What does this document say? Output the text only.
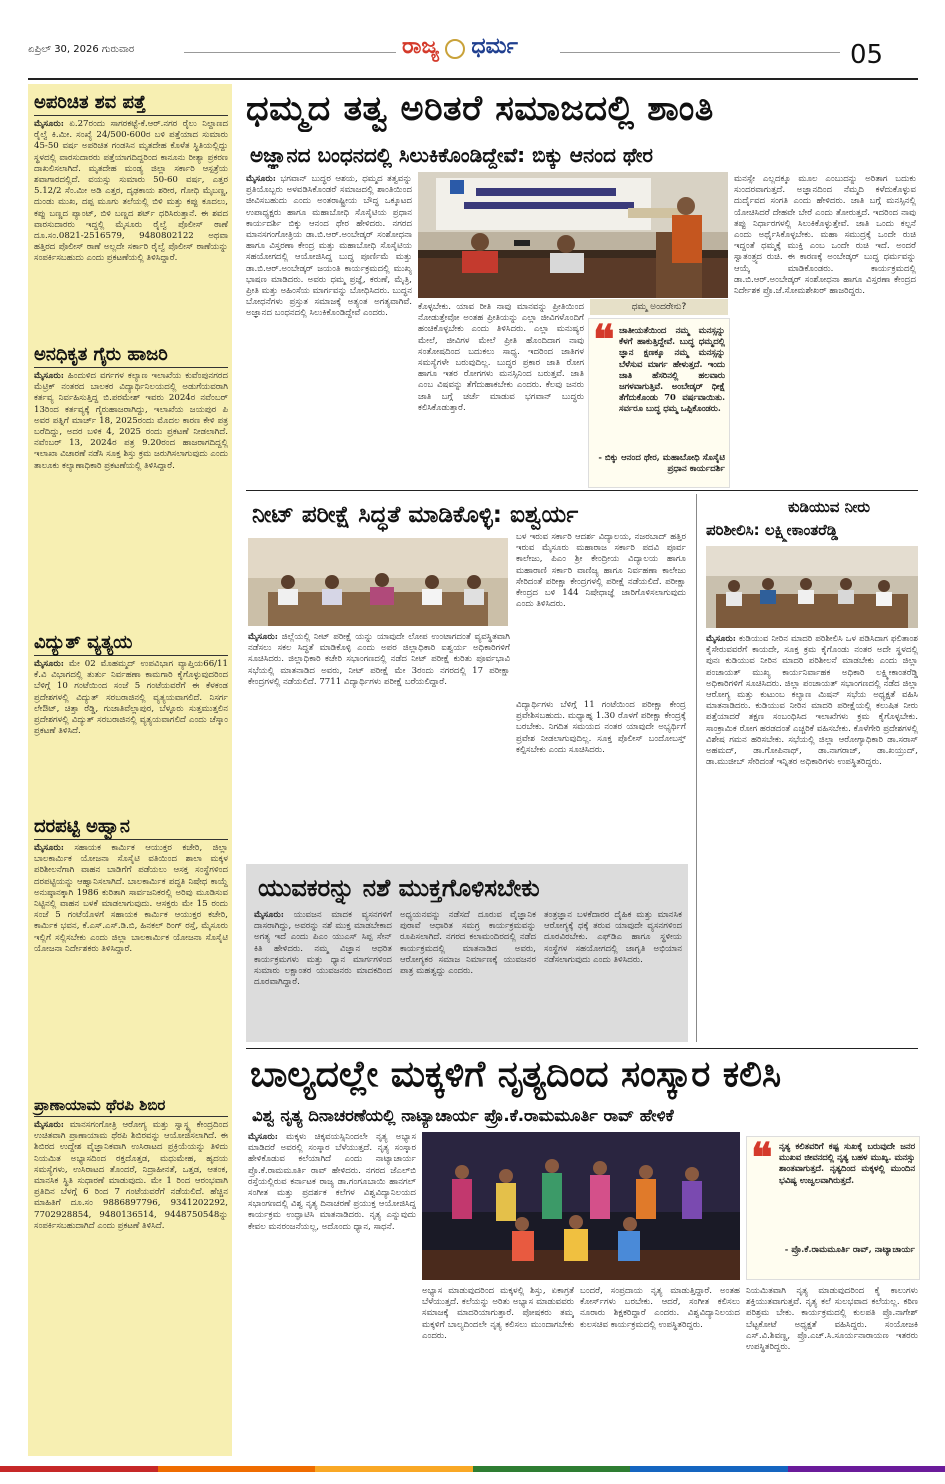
ಏಪ್ರಿಲ್ 30, 2026 ಗುರುವಾರ	ರಾಜ್ಯ ಧರ್ಮ	05
ಅಪರಿಚಿತ ಶವ ಪತ್ತೆ
ಮೈಸೂರು: ಏ.27ರಂದು ಸಾಗರಕಟ್ಟೆ-ಕೆ.ಆರ್.ನಗರ ರೈಲು ನಿಲ್ದಾಣದ ರೈಲ್ವೆ ಕಿ.ಮೀ. ಸಂಖ್ಯೆ 24/500-600ರ ಬಳಿ ಪತ್ತೆಯಾದ ಸುಮಾರು 45-50 ವರ್ಷ ಅಪರಿಚಿತ ಗಂಡಸಿನ ಮೃತದೇಹ ಕೊಳೆತ ಸ್ಥಿತಿಯಲ್ಲಿದ್ದು ಸ್ಥಳದಲ್ಲಿ ವಾರಸುದಾರರು ಪತ್ತೆಯಾಗದಿದ್ದರಿಂದ ಕಾನೂನು ರೀತ್ಯಾ ಪ್ರಕರಣ ದಾಖಲಿಸಲಾಗಿದೆ. ಮೃತದೇಹ ಮಂಡ್ಯ ಜಿಲ್ಲಾ ಸರ್ಕಾರಿ ಆಸ್ಪತ್ರೆಯ ಶವಾಗಾರದಲ್ಲಿದೆ. ವಯಸ್ಸು ಸುಮಾರು 50-60 ವರ್ಷ, ಎತ್ತರ 5.12/2 ಸೆಂ.ಮೀ ಅಡಿ ಎತ್ತರ, ದೃಢಕಾಯ ಶರೀರ, ಗೋಧಿ ಮೈಬಣ್ಣ, ದುಂಡು ಮುಖ, ದಪ್ಪ ಮೂಗು ತಲೆಯಲ್ಲಿ ಬಿಳಿ ಮತ್ತು ಕಪ್ಪು ಕೂದಲು, ಕಪ್ಪು ಬಣ್ಣದ ಪ್ಯಾಂಟ್, ಬಿಳಿ ಬಣ್ಣದ ಶರ್ಟ್ ಧರಿಸಿರುತ್ತಾನೆ. ಈ ಶವದ ವಾರಸುದಾರರು ಇದ್ದಲ್ಲಿ ಮೈಸೂರು ರೈಲ್ವೆ ಪೊಲೀಸ್ ಠಾಣೆ ದೂ.ಸಂ.0821-2516579, 9480802122 ಅಥವಾ ಹತ್ತಿರದ ಪೊಲೀಸ್ ಠಾಣೆ ಅಲ್ಲದೇ ಸರ್ಕಾರಿ ರೈಲ್ವೆ ಪೊಲೀಸ್ ಠಾಣೆಯನ್ನು ಸಂಪರ್ಕಿಸಬಹುದು ಎಂದು ಪ್ರಕಟಣೆಯಲ್ಲಿ ತಿಳಿಸಿದ್ದಾರೆ.
ಅನಧಿಕೃತ ಗೈರು ಹಾಜರಿ
ಮೈಸೂರು: ಹಿಂದುಳಿದ ವರ್ಗಗಳ ಕಲ್ಯಾಣ ಇಲಾಖೆಯ ಕುವೆಂಪುನಗರದ ಮೆಟ್ರಿಕ್ ನಂತರದ ಬಾಲಕರ ವಿದ್ಯಾರ್ಥಿನಿಲಯದಲ್ಲಿ ಅಡುಗೆಯವರಾಗಿ ಕರ್ತವ್ಯ ನಿರ್ವಹಿಸುತ್ತಿದ್ದ ಬಿ.ಪರಮೇಶ್ ಇವರು 2024ರ ನವೆಂಬರ್ 13ರಿಂದ ಕರ್ತವ್ಯಕ್ಕೆ ಗೈರುಹಾಜರಾಗಿದ್ದು, ಇಲಾಖೆಯ ಜಯಪುರ ಪಿ ಅವರ ಪತ್ನಿಗೆ ಮಾರ್ಚ್ 18, 2025ರಂದು ಮೊದಲ ಕಾರಣ ಕೇಳಿ ಪತ್ರ ಬರೆದಿದ್ದು, ಅದರ ಬಳಿಕ 4, 2025 ರಂದು ಪ್ರಕಟಣೆ ನೀಡಲಾಗಿದೆ. ನವೆಂಬರ್ 13, 2024ರ ಪತ್ರ 9.20ರಂದ ಹಾಜರಾಗದಿದ್ದಲ್ಲಿ ಇಲಾಖಾ ವಿಚಾರಣೆ ನಡೆಸಿ ಸೂಕ್ತ ಶಿಸ್ತು ಕ್ರಮ ಜರುಗಿಸಲಾಗುವುದು ಎಂದು ತಾಲೂಕು ಕಲ್ಯಾಣಾಧಿಕಾರಿ ಪ್ರಕಟಣೆಯಲ್ಲಿ ತಿಳಿಸಿದ್ದಾರೆ.
ವಿದ್ಯುತ್ ವ್ಯತ್ಯಯ
ಮೈಸೂರು: ಮೇ 02 ಮೊಹಮ್ಮದ್ ಉಪವಿಭಾಗ ವ್ಯಾಪ್ತಿಯ66/11 ಕೆ.ವಿ ವಿಭಾಗದಲ್ಲಿ ತುರ್ತು ನಿರ್ವಹಣಾ ಕಾಮಗಾರಿ ಕೈಗೊಳ್ಳುವುದರಿಂದ ಬೆಳಿಗ್ಗೆ 10 ಗಂಟೆಯಿಂದ ಸಂಜೆ 5 ಗಂಟೆಯವರೆಗೆ ಈ ಕೆಳಕಂಡ ಪ್ರದೇಶಗಳಲ್ಲಿ ವಿದ್ಯುತ್ ಸರಬರಾಜಿನಲ್ಲಿ ವ್ಯತ್ಯಯವಾಗಲಿದೆ. ನಿಸರ್ಗ ಲೇಔಟ್, ಚಿತ್ತಾ ರೆಡ್ಡಿ, ಗುಜಾತಿವೆಲ್ಲಾಪುರ, ಬೆಳ್ಳೂರು ಸುತ್ತಮುತ್ತಲಿನ ಪ್ರದೇಶಗಳಲ್ಲಿ ವಿದ್ಯುತ್ ಸರಬರಾಜಿನಲ್ಲಿ ವ್ಯತ್ಯಯವಾಗಲಿದೆ ಎಂದು ಚೆಸ್ಕಾಂ ಪ್ರಕಟಣೆ ತಿಳಿಸಿದೆ.
ದರಪಟ್ಟಿ ಅಹ್ವಾನ
ಮೈಸೂರು: ಸಹಾಯಕ ಕಾರ್ಮಿಕ ಆಯುಕ್ತರ ಕಚೇರಿ, ಜಿಲ್ಲಾ ಬಾಲಕಾರ್ಮಿಕ ಯೋಜನಾ ಸೊಸೈಟಿ ವತಿಯಿಂದ ಶಾಲಾ ಮಕ್ಕಳ ಪರಿಶೀಲನೆಗಾಗಿ ವಾಹನ ಬಾಡಿಗೆಗೆ ಪಡೆಯಲು ಆಸಕ್ತ ಸಂಸ್ಥೆಗಳಿಂದ ದರಪಟ್ಟಿಯನ್ನು ಆಹ್ವಾನಿಸಲಾಗಿದೆ. ಬಾಲಕಾರ್ಮಿಕ ಪದ್ಧತಿ ನಿಷೇಧ ಕಾಯ್ದೆ ಅನುಷ್ಠಾನಕ್ಕಾಗಿ 1986 ಕುರಿತಾಗಿ ಸಾರ್ವಜನಿಕರಲ್ಲಿ ಅರಿವು ಮೂಡಿಸುವ ನಿಟ್ಟಿನಲ್ಲಿ ವಾಹನ ಬಳಕೆ ಮಾಡಲಾಗುವುದು. ಆಸಕ್ತರು ಮೇ 15 ರಂದು ಸಂಜೆ 5 ಗಂಟೆಯೊಳಗೆ ಸಹಾಯಕ ಕಾರ್ಮಿಕ ಆಯುಕ್ತರ ಕಚೇರಿ, ಕಾರ್ಮಿಕ ಭವನ, ಕೆ.ಎಸ್.ಎಸ್.ಡಿ.ಬಿ, ಹಿನಕಲ್ ರಿಂಗ್ ರಸ್ತೆ, ಮೈಸೂರು ಇಲ್ಲಿಗೆ ಸಲ್ಲಿಸಬೇಕು ಎಂದು ಜಿಲ್ಲಾ ಬಾಲಕಾರ್ಮಿಕ ಯೋಜನಾ ಸೊಸೈಟಿ ಯೋಜನಾ ನಿರ್ದೇಶಕರು ತಿಳಿಸಿದ್ದಾರೆ.
ಪ್ರಾಣಾಯಾಮ ಥೆರಪಿ ಶಿಬಿರ
ಮೈಸೂರು: ಮಾನಸಗಂಗೋತ್ರಿ ಆರೋಗ್ಯ ಮತ್ತು ಸ್ವಾಸ್ಥ್ಯ ಕೇಂದ್ರದಿಂದ ಉಚಿತವಾಗಿ ಪ್ರಾಣಾಯಾಮ ಥೆರಪಿ ಶಿಬಿರವನ್ನು ಆಯೋಜಿಸಲಾಗಿದೆ. ಈ ಶಿಬಿರದ ಉದ್ದೇಶ ವೈಜ್ಞಾನಿಕವಾಗಿ ಉಸಿರಾಟದ ಪ್ರಕ್ರಿಯೆಯನ್ನು ತಿಳಿದು ನಿಯಮಿತ ಅಭ್ಯಾಸದಿಂದ ರಕ್ತದೊತ್ತಡ, ಮಧುಮೇಹ, ಹೃದಯ ಸಮಸ್ಯೆಗಳು, ಉಸಿರಾಟದ ತೊಂದರೆ, ನಿದ್ರಾಹೀನತೆ, ಒತ್ತಡ, ಆತಂಕ, ಮಾನಸಿಕ ಸ್ಥಿತಿ ಸುಧಾರಣೆ ಮಾಡುವುದು. ಮೇ 1 ರಿಂದ ಆರಂಭವಾಗಿ ಪ್ರತಿದಿನ ಬೆಳಗ್ಗೆ 6 ರಿಂದ 7 ಗಂಟೆಯವರೆಗೆ ನಡೆಯಲಿದೆ. ಹೆಚ್ಚಿನ ಮಾಹಿತಿಗೆ ದೂ.ಸಂ 9886897796, 9341202292, 7702928854, 9480136514, 9448750548ನ್ನು ಸಂಪರ್ಕಿಸಬಹುದಾಗಿದೆ ಎಂದು ಪ್ರಕಟಣೆ ತಿಳಿಸಿದೆ.
ಧಮ್ಮದ ತತ್ವ ಅರಿತರೆ ಸಮಾಜದಲ್ಲಿ ಶಾಂತಿ
ಅಜ್ಞಾನದ ಬಂಧನದಲ್ಲಿ ಸಿಲುಕಿಕೊಂಡಿದ್ದೇವೆ: ಬಿಕ್ಕು ಆನಂದ ಥೇರ
ಮೈಸೂರು: ಭಗವಾನ್ ಬುದ್ಧರ ಆಶಯ, ಧಮ್ಮದ ತತ್ವವನ್ನು ಪ್ರತಿಯೊಬ್ಬರು ಅಳವಡಿಸಿಕೊಂಡರೆ ಸಮಾಜದಲ್ಲಿ ಶಾಂತಿಯಿಂದ ಜೀವಿಸಬಹುದು ಎಂದು ಅಂತರಾಷ್ಟ್ರೀಯ ಬೌದ್ಧ ಒಕ್ಕೂಟದ ಉಪಾಧ್ಯಕ್ಷರು ಹಾಗೂ ಮಹಾಬೋಧಿ ಸೊಸೈಟಿಯ ಪ್ರಧಾನ ಕಾರ್ಯದರ್ಶಿ ಬಿಕ್ಕು ಆನಂದ ಥೇರ ಹೇಳಿದರು. ನಗರದ ಮಾನಸಗಂಗೋತ್ರಿಯ ಡಾ.ಬಿ.ಆರ್.ಅಂಬೇಡ್ಕರ್ ಸಂಶೋಧನಾ ಹಾಗೂ ವಿಸ್ತರಣಾ ಕೇಂದ್ರ ಮತ್ತು ಮಹಾಬೋಧಿ ಸೊಸೈಟಿಯ ಸಹಯೋಗದಲ್ಲಿ ಆಯೋಜಿಸಿದ್ದ ಬುದ್ಧ ಪೂರ್ಣಿಮೆ ಮತ್ತು ಡಾ.ಬಿ.ಆರ್.ಅಂಬೇಡ್ಕರ್ ಜಯಂತಿ ಕಾರ್ಯಕ್ರಮದಲ್ಲಿ ಮುಖ್ಯ ಭಾಷಣ ಮಾಡಿದರು. ಅವರು ಧಮ್ಮ ಪ್ರಜ್ಞೆ, ಕರುಣೆ, ಮೈತ್ರಿ, ಪ್ರೀತಿ ಮತ್ತು ಅಹಿಂಸೆಯ ಮಾರ್ಗವನ್ನು ಬೋಧಿಸಿದರು. ಬುದ್ಧನ ಬೋಧನೆಗಳು ಪ್ರಸ್ತುತ ಸಮಾಜಕ್ಕೆ ಅತ್ಯಂತ ಅಗತ್ಯವಾಗಿವೆ. ಅಜ್ಞಾನದ ಬಂಧನದಲ್ಲಿ ಸಿಲುಕಿಕೊಂಡಿದ್ದೇವೆ ಎಂದರು.
ಮನಸ್ಸೇ ಎಲ್ಲದಕ್ಕೂ ಮೂಲ ಎಂಬುದನ್ನು ಅರಿತಾಗ ಬದುಕು ಸುಂದರವಾಗುತ್ತದೆ. ಅಜ್ಞಾನದಿಂದ ನೆಮ್ಮದಿ ಕಳೆದುಕೊಳ್ಳುವ ದುರ್ದೈವದ ಸಂಗತಿ ಎಂದು ಹೇಳಿದರು. ಜಾತಿ ಬಗ್ಗೆ ಮನಸ್ಸಿನಲ್ಲಿ ಯೋಚಿಸಿದರೆ ದೇಹವೇ ಬೇರೆ ಎಂದು ತೋರುತ್ತದೆ. ಇದರಿಂದ ನಾವು ತಪ್ಪು ನಿರ್ಧಾರಗಳಲ್ಲಿ ಸಿಲುಕಿಕೊಳ್ಳುತ್ತೇವೆ. ಜಾತಿ ಒಂದು ಕಲ್ಪನೆ ಎಂದು ಅರ್ಥೈಸಿಕೊಳ್ಳಬೇಕು. ಮಹಾ ಸಮುದ್ರಕ್ಕೆ ಒಂದೇ ರುಚಿ ಇದ್ದಂತೆ ಧಮ್ಮಕ್ಕೆ ಮುಕ್ತಿ ಎಂಬ ಒಂದೇ ರುಚಿ ಇದೆ. ಅಂದರೆ ಸ್ವಾತಂತ್ರ್ಯದ ರುಚಿ. ಈ ಕಾರಣಕ್ಕೆ ಅಂಬೇಡ್ಕರ್ ಬುದ್ಧ ಧರ್ಮವನ್ನು ಆಯ್ಕೆ ಮಾಡಿಕೊಂಡರು. ಕಾರ್ಯಕ್ರಮದಲ್ಲಿ ಡಾ.ಬಿ.ಆರ್.ಅಂಬೇಡ್ಕರ್ ಸಂಶೋಧನಾ ಹಾಗೂ ವಿಸ್ತರಣಾ ಕೇಂದ್ರದ ನಿರ್ದೇಶಕ ಪ್ರೊ.ಜೆ.ಸೋಮಶೇಖರ್ ಹಾಜರಿದ್ದರು.
ಧಮ್ಮ ಅಂದರೇನು?
ಕೊಳ್ಳಬೇಕು. ಯಾವ ರೀತಿ ನಾವು ಮಾನವನ್ನು ಪ್ರೀತಿಯಿಂದ ನೋಡುತ್ತೇವೋ ಅಂತಹ ಪ್ರೀತಿಯನ್ನು ಎಲ್ಲಾ ಜೀವಿಗಳೊಂದಿಗೆ ಹಂಚಿಕೊಳ್ಳಬೇಕು ಎಂದು ತಿಳಿಸಿದರು. ಎಲ್ಲಾ ಮನುಷ್ಯರ ಮೇಲೆ, ಜೀವಿಗಳ ಮೇಲೆ ಪ್ರೀತಿ ಹೊಂದಿದಾಗ ನಾವು ಸಂತೋಷದಿಂದ ಬದುಕಲು ಸಾಧ್ಯ. ಇದರಿಂದ ಜಾತಿಗಳ ಸಮಸ್ಯೆಗಳೇ ಬರುವುದಿಲ್ಲ. ಬುದ್ಧರ ಪ್ರಕಾರ ಜಾತಿ ರೋಗ ಹಾಗೂ ಇತರ ರೋಗಗಳು ಮನಸ್ಸಿನಿಂದ ಬರುತ್ತವೆ. ಜಾತಿ ಎಂಬ ವಿಷವನ್ನು ತೆಗೆದುಹಾಕಬೇಕು ಎಂದರು. ಕೆಲವು ಜನರು ಜಾತಿ ಬಗ್ಗೆ ಚರ್ಚೆ ಮಾಡುವ ಭಗವಾನ್ ಬುದ್ಧರು ಕಲಿಸಿಕೊಡುತ್ತಾರೆ.
❝ ಜಾತೀಯತೆಯಿಂದ ನಮ್ಮ ಮನಸ್ಸನ್ನು ಕೆಳಗೆ ಹಾಕುತ್ತಿದ್ದೇವೆ. ಬುದ್ಧ ಧಮ್ಮದಲ್ಲಿ ಜ್ಞಾನ ಕ್ಷಣಕ್ಕೂ ನಮ್ಮ ಮನಸ್ಸನ್ನು ಬೆಳೆಸುವ ಮಾರ್ಗ ಹೇಳುತ್ತದೆ. ಇಂದು ಜಾತಿ ಹೆಸರಿನಲ್ಲಿ ಹಲವಾರು ಜಗಳವಾಗುತ್ತಿವೆ. ಅಂಬೇಡ್ಕರ್ ಧೀಕ್ಷೆ ತೆಗೆದುಕೊಂಡು 70 ವರ್ಷವಾಯಿತು. ಸರ್ವರೂ ಬುದ್ಧ ಧಮ್ಮ ಒಪ್ಪಿಕೊಂಡರು.
- ಬಿಕ್ಕು ಆನಂದ ಥೇರ, ಮಹಾಬೋಧಿ ಸೊಸೈಟಿ ಪ್ರಧಾನ ಕಾರ್ಯದರ್ಶಿ
ನೀಟ್ ಪರೀಕ್ಷೆ ಸಿದ್ಧತೆ ಮಾಡಿಕೊಳ್ಳಿ: ಐಶ್ವರ್ಯ
ಮೈಸೂರು: ಜಿಲ್ಲೆಯಲ್ಲಿ ನೀಟ್ ಪರೀಕ್ಷೆ ಯನ್ನು ಯಾವುದೇ ಲೋಪ ಉಂಟಾಗದಂತೆ ವ್ಯವಸ್ಥಿತವಾಗಿ ನಡೆಸಲು ಸಕಲ ಸಿದ್ಧತೆ ಮಾಡಿಕೊಳ್ಳಿ ಎಂದು ಅಪರ ಜಿಲ್ಲಾಧಿಕಾರಿ ಐಶ್ವರ್ಯ ಅಧಿಕಾರಿಗಳಿಗೆ ಸೂಚಿಸಿದರು. ಜಿಲ್ಲಾಧಿಕಾರಿ ಕಚೇರಿ ಸಭಾಂಗಣದಲ್ಲಿ ನಡೆದ ನೀಟ್ ಪರೀಕ್ಷೆ ಕುರಿತು ಪೂರ್ವಭಾವಿ ಸಭೆಯಲ್ಲಿ ಮಾತನಾಡಿದ ಅವರು, ನೀಟ್ ಪರೀಕ್ಷೆ ಮೇ 3ರಂದು ನಗರದಲ್ಲಿ 17 ಪರೀಕ್ಷಾ ಕೇಂದ್ರಗಳಲ್ಲಿ ನಡೆಯಲಿದೆ. 7711 ವಿದ್ಯಾರ್ಥಿಗಳು ಪರೀಕ್ಷೆ ಬರೆಯಲಿದ್ದಾರೆ.
ಬಳ ಇರುವ ಸರ್ಕಾರಿ ಆದರ್ಶ ವಿದ್ಯಾಲಯ, ನಜರಬಾದ್ ಹತ್ತಿರ ಇರುವ ಮೈಸೂರು ಮಹಾರಾಜ ಸರ್ಕಾರಿ ಪದವಿ ಪೂರ್ವ ಕಾಲೇಜು, ಪಿಎಂ ಶ್ರೀ ಕೇಂದ್ರೀಯ ವಿದ್ಯಾಲಯ ಹಾಗೂ ಮಹಾರಾಣಿ ಸರ್ಕಾರಿ ವಾಣಿಜ್ಯ ಹಾಗೂ ನಿರ್ವಹಣಾ ಕಾಲೇಜು ಸೇರಿದಂತೆ ಪರೀಕ್ಷಾ ಕೇಂದ್ರಗಳಲ್ಲಿ ಪರೀಕ್ಷೆ ನಡೆಯಲಿದೆ. ಪರೀಕ್ಷಾ ಕೇಂದ್ರದ ಬಳಿ 144 ನಿಷೇಧಾಜ್ಞೆ ಜಾರಿಗೊಳಿಸಲಾಗುವುದು ಎಂದು ತಿಳಿಸಿದರು.
ವಿದ್ಯಾರ್ಥಿಗಳು ಬೆಳಿಗ್ಗೆ 11 ಗಂಟೆಯಿಂದ ಪರೀಕ್ಷಾ ಕೇಂದ್ರ ಪ್ರವೇಶಿಸಬಹುದು. ಮಧ್ಯಾಹ್ನ 1.30 ರೊಳಗೆ ಪರೀಕ್ಷಾ ಕೇಂದ್ರಕ್ಕೆ ಬರಬೇಕು. ನಿಗದಿತ ಸಮಯದ ನಂತರ ಯಾವುದೇ ಅಭ್ಯರ್ಥಿಗೆ ಪ್ರವೇಶ ನೀಡಲಾಗುವುದಿಲ್ಲ. ಸೂಕ್ತ ಪೊಲೀಸ್ ಬಂದೋಬಸ್ತ್ ಕಲ್ಪಿಸಬೇಕು ಎಂದು ಸೂಚಿಸಿದರು.
ಕುಡಿಯುವ ನೀರು
ಪರಿಶೀಲಿಸಿ: ಲಕ್ಷ್ಮೀಕಾಂತರೆಡ್ಡಿ
ಮೈಸೂರು: ಕುಡಿಯುವ ನೀರಿನ ಮಾದರಿ ಪರಿಶೀಲಿಸಿ ಒಳ ಪಡಿಸಿದಾಗ ಫಲಿತಾಂಶ ಕೈಸೇರುವವರೆಗೆ ಕಾಯದೇ, ಸೂಕ್ತ ಕ್ರಮ ಕೈಗೊಂಡು ನಂತರ ಅದೇ ಸ್ಥಳದಲ್ಲಿ ಪುನಃ ಕುಡಿಯುವ ನೀರಿನ ಮಾದರಿ ಪರಿಶೀಲನೆ ಮಾಡಬೇಕು ಎಂದು ಜಿಲ್ಲಾ ಪಂಚಾಯತ್ ಮುಖ್ಯ ಕಾರ್ಯನಿರ್ವಾಹಕ ಅಧಿಕಾರಿ ಲಕ್ಷ್ಮೀಕಾಂತರೆಡ್ಡಿ ಅಧಿಕಾರಿಗಳಿಗೆ ಸೂಚಿಸಿದರು. ಜಿಲ್ಲಾ ಪಂಚಾಯತ್ ಸಭಾಂಗಣದಲ್ಲಿ ನಡೆದ ಜಿಲ್ಲಾ ಆರೋಗ್ಯ ಮತ್ತು ಕುಟುಂಬ ಕಲ್ಯಾಣ ಮಿಷನ್ ಸಭೆಯ ಅಧ್ಯಕ್ಷತೆ ವಹಿಸಿ ಮಾತನಾಡಿದರು. ಕುಡಿಯುವ ನೀರಿನ ಮಾದರಿ ಪರೀಕ್ಷೆಯಲ್ಲಿ ಕಲುಷಿತ ನೀರು ಪತ್ತೆಯಾದರೆ ತಕ್ಷಣ ಸಂಬಂಧಿಸಿದ ಇಲಾಖೆಗಳು ಕ್ರಮ ಕೈಗೊಳ್ಳಬೇಕು. ಸಾಂಕ್ರಾಮಿಕ ರೋಗ ಹರಡದಂತೆ ಎಚ್ಚರಿಕೆ ವಹಿಸಬೇಕು. ಕೊಳೆಗೇರಿ ಪ್ರದೇಶಗಳಲ್ಲಿ ವಿಶೇಷ ಗಮನ ಹರಿಸಬೇಕು. ಸಭೆಯಲ್ಲಿ ಜಿಲ್ಲಾ ಆರೋಗ್ಯಾಧಿಕಾರಿ ಡಾ.ಸರಾಸ್ ಅಹಮದ್, ಡಾ.ಗೋಪಿನಾಥ್, ಡಾ.ನಾಗರಾಜ್, ಡಾ.ಖಯ್ರುದ್, ಡಾ.ಮುಜೀಬ್ ಸೇರಿದಂತೆ ಇನ್ನಿತರ ಅಧಿಕಾರಿಗಳು ಉಪಸ್ಥಿತರಿದ್ದರು.
ಯುವಕರನ್ನು ನಶೆ ಮುಕ್ತಗೊಳಿಸಬೇಕು
ಮೈಸೂರು: ಯುವಜನ ಮಾದಕ ವ್ಯಸನಗಳಿಗೆ ದಾಸರಾಗಿದ್ದು, ಅವರನ್ನು ನಶೆ ಮುಕ್ತ ಮಾಡಬೇಕಾದ ಅಗತ್ಯ ಇದೆ ಎಂದು ಪಿಎಂ ಯುಎಸ್ ಸಿಪ್ಪ ಸೇನ್ ಕಿತಿ ಹೇಳಿದರು. ನಮ್ಮ ವಿಜ್ಞಾನ ಆಧರಿತ ಕಾರ್ಯಕ್ರಮಗಳು ಮತ್ತು ಧ್ಯಾನ ಮಾರ್ಗಗಳಿಂದ ಸುಮಾರು ಲಕ್ಷಾಂತರ ಯುವಜನರು ಮಾದಕದಿಂದ ದೂರವಾಗಿದ್ದಾರೆ.
ಅಧ್ಯಯನವನ್ನು ನಡೆಸದೆ ದೂರುವ ವೈಜ್ಞಾನಿಕ ಪುರಾವೆ ಆಧಾರಿತ ಸಮಗ್ರ ಕಾರ್ಯಕ್ರಮವನ್ನು ರೂಪಿಸಲಾಗಿದೆ. ನಗರದ ಕಲಾಮಂದಿರದಲ್ಲಿ ನಡೆದ ಕಾರ್ಯಕ್ರಮದಲ್ಲಿ ಮಾತನಾಡಿದ ಅವರು, ಆರೋಗ್ಯಕರ ಸಮಾಜ ನಿರ್ಮಾಣಕ್ಕೆ ಯುವಜನರ ಪಾತ್ರ ಮಹತ್ವದ್ದು ಎಂದರು.
ತಂತ್ರಜ್ಞಾನ ಬಳಕೆದಾರರ ದೈಹಿಕ ಮತ್ತು ಮಾನಸಿಕ ಆರೋಗ್ಯಕ್ಕೆ ಧಕ್ಕೆ ತರುವ ಯಾವುದೇ ವ್ಯಸನಗಳಿಂದ ದೂರವಿರಬೇಕು. ಎಫ್‌ಡಿಎ ಹಾಗೂ ಸ್ಥಳೀಯ ಸಂಸ್ಥೆಗಳ ಸಹಯೋಗದಲ್ಲಿ ಜಾಗೃತಿ ಅಭಿಯಾನ ನಡೆಸಲಾಗುವುದು ಎಂದು ತಿಳಿಸಿದರು.
ಬಾಲ್ಯದಲ್ಲೇ ಮಕ್ಕಳಿಗೆ ನೃತ್ಯದಿಂದ ಸಂಸ್ಕಾರ ಕಲಿಸಿ
ವಿಶ್ವ ನೃತ್ಯ ದಿನಾಚರಣೆಯಲ್ಲಿ ನಾಟ್ಯಾಚಾರ್ಯ ಪ್ರೊ.ಕೆ.ರಾಮಮೂರ್ತಿ ರಾವ್ ಹೇಳಿಕೆ
ಮೈಸೂರು: ಮಕ್ಕಳು ಚಿಕ್ಕವಯಸ್ಸಿನಿಂದಲೇ ನೃತ್ಯ ಅಭ್ಯಾಸ ಮಾಡಿದರೆ ಅವರಲ್ಲಿ ಸಂಸ್ಕಾರ ಬೆಳೆಯುತ್ತದೆ. ನೃತ್ಯ ಸಂಸ್ಕಾರ ಹೇಳಿಕೊಡುವ ಕಲೆಯಾಗಿದೆ ಎಂದು ನಾಟ್ಯಾಚಾರ್ಯ ಪ್ರೊ.ಕೆ.ರಾಮಮೂರ್ತಿ ರಾವ್ ಹೇಳಿದರು. ನಗರದ ಜೆಎಲ್‌ಬಿ ರಸ್ತೆಯಲ್ಲಿರುವ ಕರ್ನಾಟಕ ರಾಜ್ಯ ಡಾ.ಗಂಗೂಬಾಯಿ ಹಾನಗಲ್ ಸಂಗೀತ ಮತ್ತು ಪ್ರದರ್ಶಕ ಕಲೆಗಳ ವಿಶ್ವವಿದ್ಯಾನಿಲಯದ ಸಭಾಂಗಣದಲ್ಲಿ ವಿಶ್ವ ನೃತ್ಯ ದಿನಾಚರಣೆ ಪ್ರಯುಕ್ತ ಆಯೋಜಿಸಿದ್ದ ಕಾರ್ಯಕ್ರಮ ಉದ್ಘಾಟಿಸಿ ಮಾತನಾಡಿದರು. ನೃತ್ಯ ಎನ್ನುವುದು ಕೇವಲ ಮನರಂಜನೆಯಲ್ಲ, ಅದೊಂದು ಧ್ಯಾನ, ಸಾಧನೆ.
❝ ನೃತ್ಯ ಕಲಿತವರಿಗೆ ಕಷ್ಟ ಸುಖಕ್ಕೆ ಬರುವುದೇ ಜನರ ಮುಖವ ಜೀವನದಲ್ಲಿ ನೃತ್ಯ ಬಹಳ ಮುಖ್ಯ. ಮನಸ್ಸು ಶಾಂತವಾಗುತ್ತದೆ. ನೃತ್ಯದಿಂದ ಮಕ್ಕಳಲ್ಲಿ ಮುಂದಿನ ಭವಿಷ್ಯ ಉಜ್ವಲವಾಗಿರುತ್ತದೆ.
- ಪ್ರೊ.ಕೆ.ರಾಮಮೂರ್ತಿ ರಾವ್, ನಾಟ್ಯಾಚಾರ್ಯ
ಅಭ್ಯಾಸ ಮಾಡುವುದರಿಂದ ಮಕ್ಕಳಲ್ಲಿ ಶಿಸ್ತು, ಏಕಾಗ್ರತೆ ಬೆಳೆಯುತ್ತದೆ. ಕಲೆಯನ್ನು ಅರಿತು ಅಭ್ಯಾಸ ಮಾಡುವವರು ಸಮಾಜಕ್ಕೆ ಮಾದರಿಯಾಗುತ್ತಾರೆ. ಪೋಷಕರು ತಮ್ಮ ಮಕ್ಕಳಿಗೆ ಬಾಲ್ಯದಿಂದಲೇ ನೃತ್ಯ ಕಲಿಸಲು ಮುಂದಾಗಬೇಕು ಎಂದರು.
ಬಂದರೆ, ಸಂಪ್ರದಾಯ ನೃತ್ಯ ಮಾಡುತ್ತಿದ್ದಾರೆ. ಅಂತಹ ಕೋರ್ಸ್‌ಗಳು ಬರಬೇಕು. ಆದರೆ, ಸಂಗೀತ ಕಲಿಸಲು ನೂರಾರು ಶಿಕ್ಷಕರಿದ್ದಾರೆ ಎಂದರು. ವಿಶ್ವವಿದ್ಯಾನಿಲಯದ ಕುಲಸಚಿವ ಕಾರ್ಯಕ್ರಮದಲ್ಲಿ ಉಪಸ್ಥಿತರಿದ್ದರು.
ನಿಯಮಿತವಾಗಿ ನೃತ್ಯ ಮಾಡುವುದರಿಂದ ಕೈ ಕಾಲುಗಳು ಶಕ್ತಿಯುತವಾಗುತ್ತವೆ. ನೃತ್ಯ ಕಲೆ ಸುಲಭವಾದ ಕಲೆಯಲ್ಲ. ಕಠಿಣ ಪರಿಶ್ರಮ ಬೇಕು. ಕಾರ್ಯಕ್ರಮದಲ್ಲಿ ಕುಲಪತಿ ಪ್ರೊ.ನಾಗೇಶ್ ಬೆಟ್ಟಕೋಟೆ ಅಧ್ಯಕ್ಷತೆ ವಹಿಸಿದ್ದರು. ಸಂಯೋಜಕಿ ಎಸ್.ವಿ.ಶಿವಣ್ಣ, ಪ್ರೊ.ಎಚ್.ಸಿ.ಸೂರ್ಯನಾರಾಯಣ ಇತರರು ಉಪಸ್ಥಿತರಿದ್ದರು.
